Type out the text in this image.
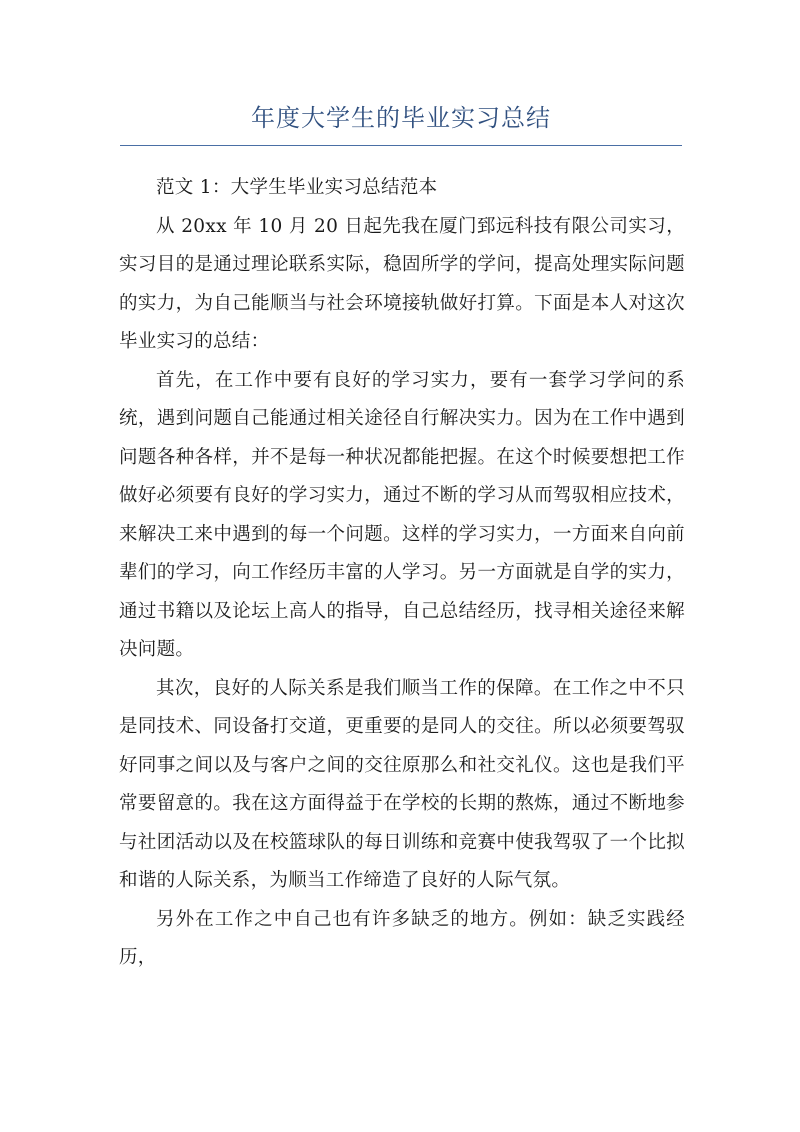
年度大学生的毕业实习总结

范文 1：大学生毕业实习总结范本

从 20xx 年 10 月 20 日起先我在厦门郅远科技有限公司实习，实习目的是通过理论联系实际，稳固所学的学问，提高处理实际问题的实力，为自己能顺当与社会环境接轨做好打算。下面是本人对这次毕业实习的总结：

首先，在工作中要有良好的学习实力，要有一套学习学问的系统，遇到问题自己能通过相关途径自行解决实力。因为在工作中遇到问题各种各样，并不是每一种状况都能把握。在这个时候要想把工作做好必须要有良好的学习实力，通过不断的学习从而驾驭相应技术，来解决工来中遇到的每一个问题。这样的学习实力，一方面来自向前辈们的学习，向工作经历丰富的人学习。另一方面就是自学的实力，通过书籍以及论坛上高人的指导，自己总结经历，找寻相关途径来解决问题。

其次，良好的人际关系是我们顺当工作的保障。在工作之中不只是同技术、同设备打交道，更重要的是同人的交往。所以必须要驾驭好同事之间以及与客户之间的交往原那么和社交礼仪。这也是我们平常要留意的。我在这方面得益于在学校的长期的熬炼，通过不断地参与社团活动以及在校篮球队的每日训练和竞赛中使我驾驭了一个比拟和谐的人际关系，为顺当工作缔造了良好的人际气氛。

另外在工作之中自己也有许多缺乏的地方。例如：缺乏实践经历，
